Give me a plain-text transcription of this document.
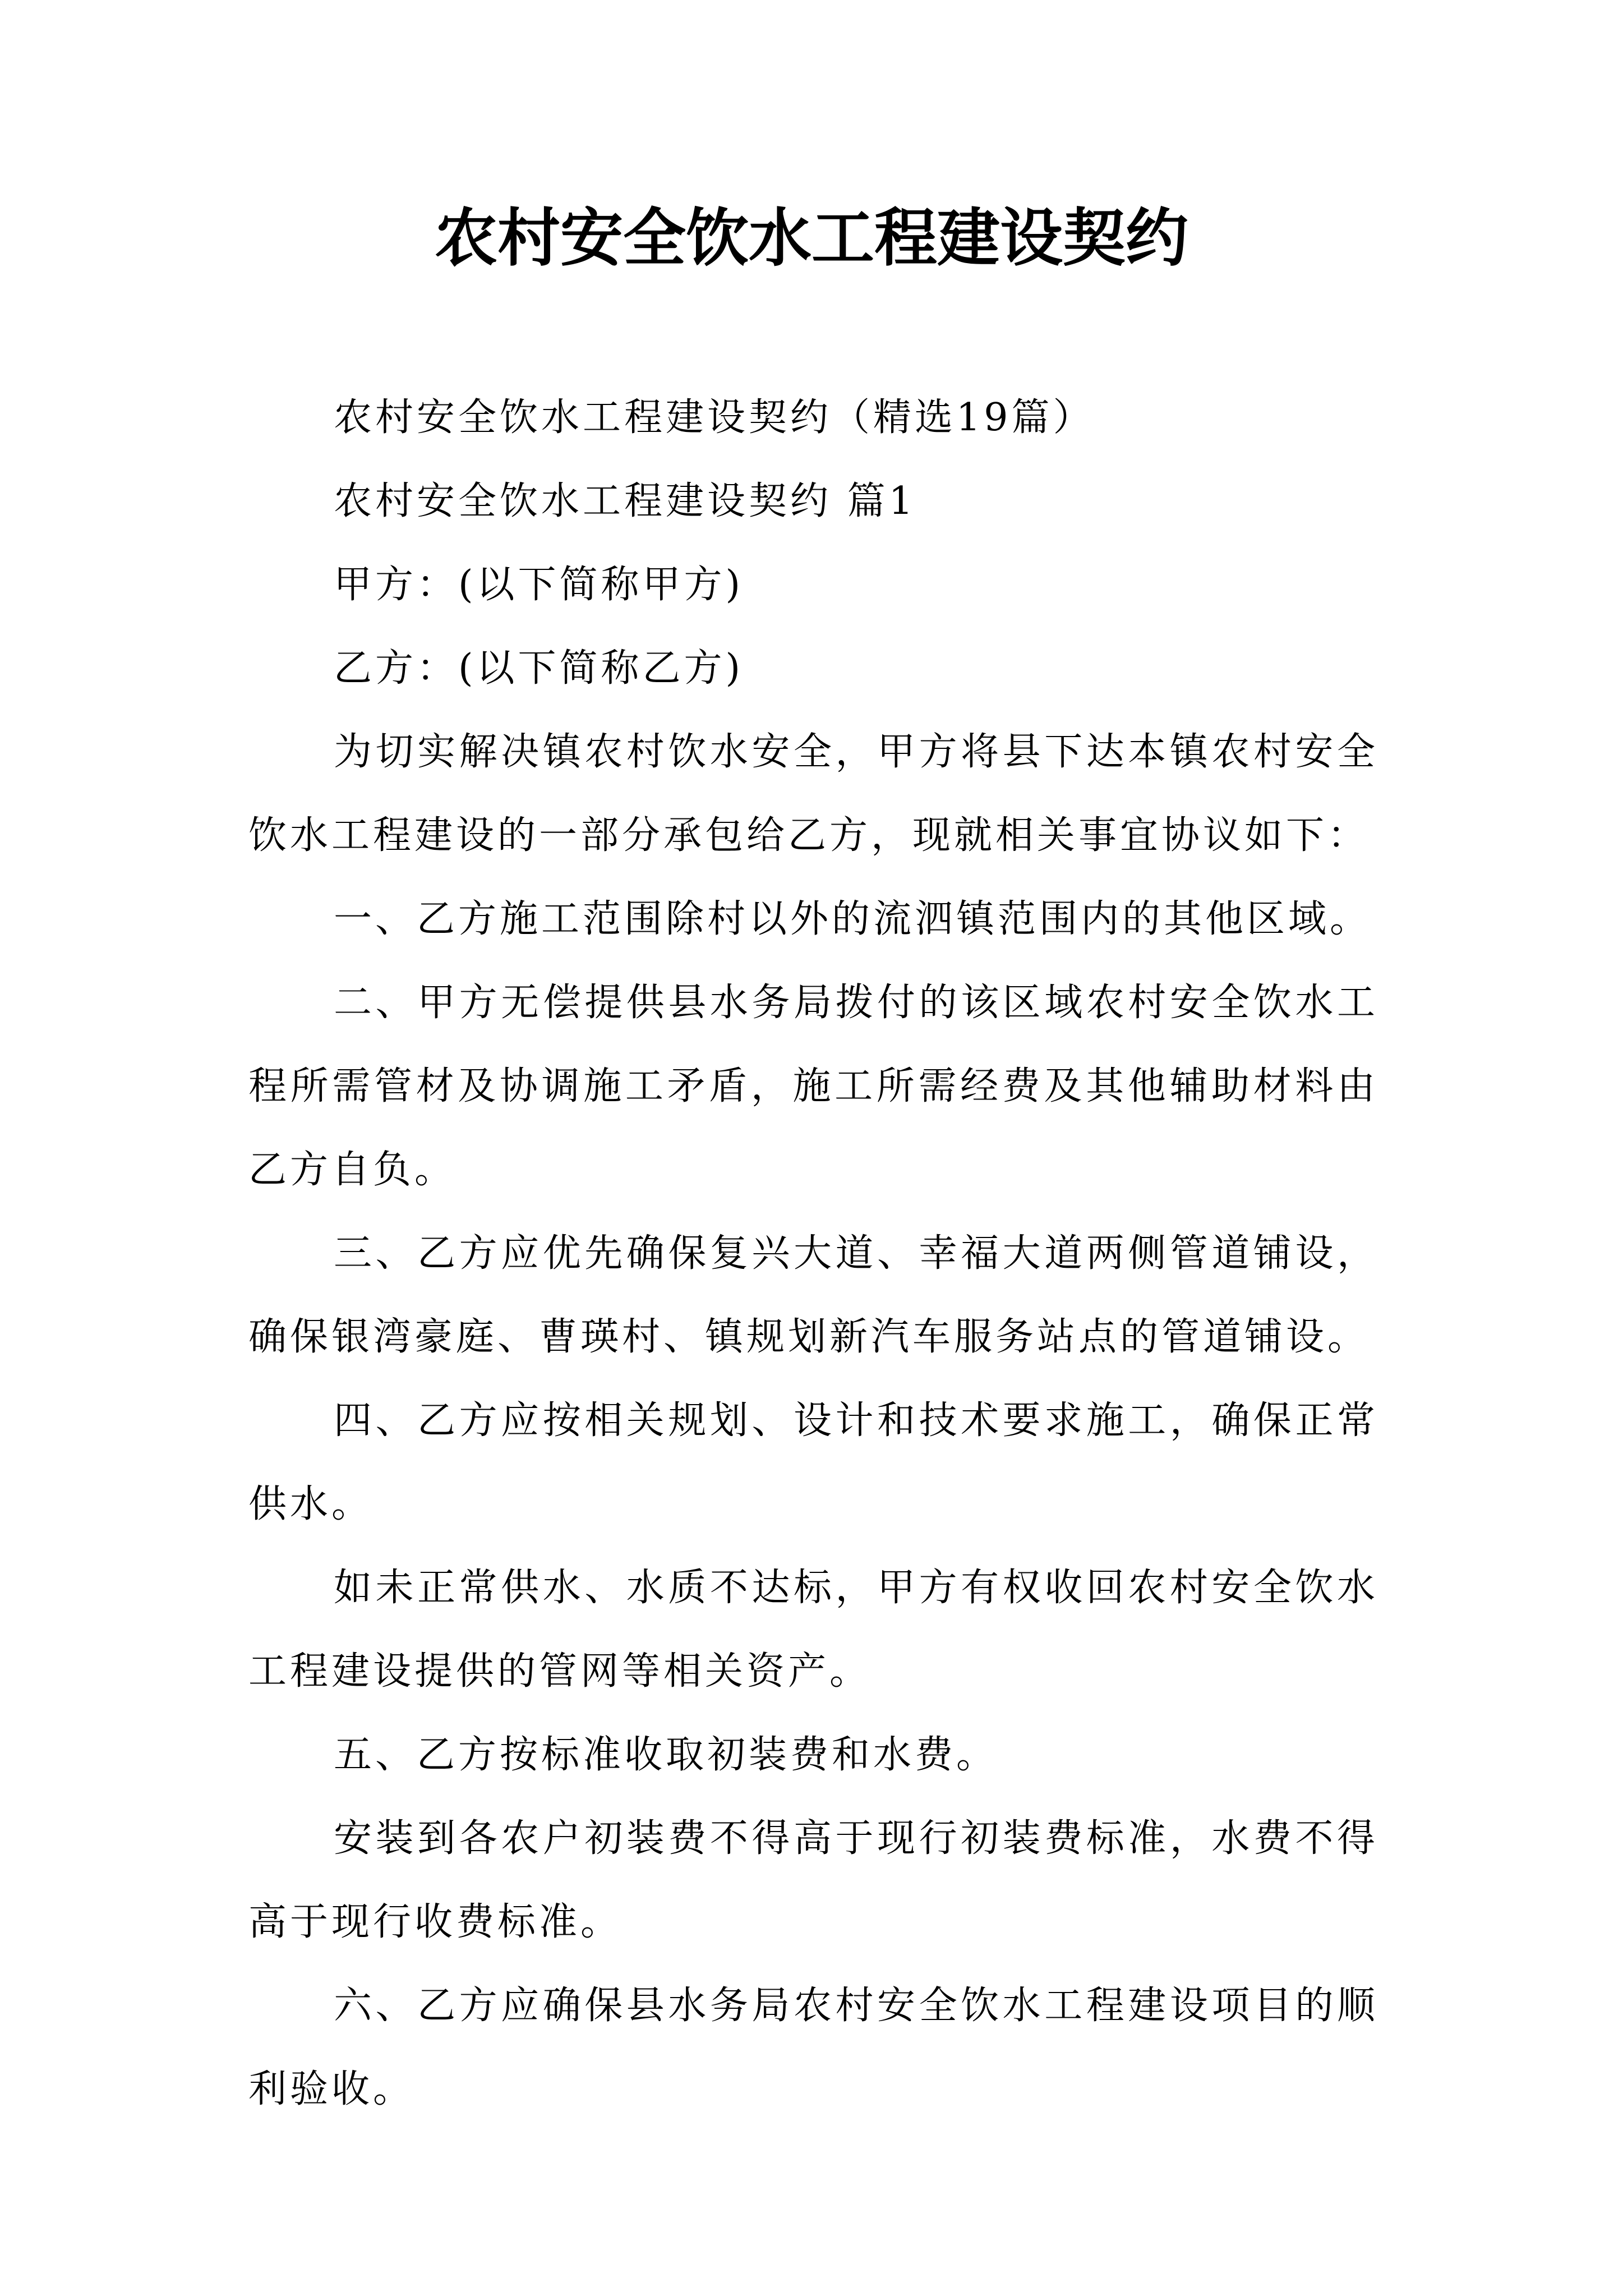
农村安全饮水工程建设契约

农村安全饮水工程建设契约（精选19篇）

农村安全饮水工程建设契约 篇1

甲方：(以下简称甲方)

乙方：(以下简称乙方)

为切实解决镇农村饮水安全，甲方将县下达本镇农村安全饮水工程建设的一部分承包给乙方，现就相关事宜协议如下：

一、乙方施工范围除村以外的流泗镇范围内的其他区域。

二、甲方无偿提供县水务局拨付的该区域农村安全饮水工程所需管材及协调施工矛盾，施工所需经费及其他辅助材料由乙方自负。

三、乙方应优先确保复兴大道、幸福大道两侧管道铺设，确保银湾豪庭、曹瑛村、镇规划新汽车服务站点的管道铺设。

四、乙方应按相关规划、设计和技术要求施工，确保正常供水。

如未正常供水、水质不达标，甲方有权收回农村安全饮水工程建设提供的管网等相关资产。

五、乙方按标准收取初装费和水费。

安装到各农户初装费不得高于现行初装费标准，水费不得高于现行收费标准。

六、乙方应确保县水务局农村安全饮水工程建设项目的顺利验收。
